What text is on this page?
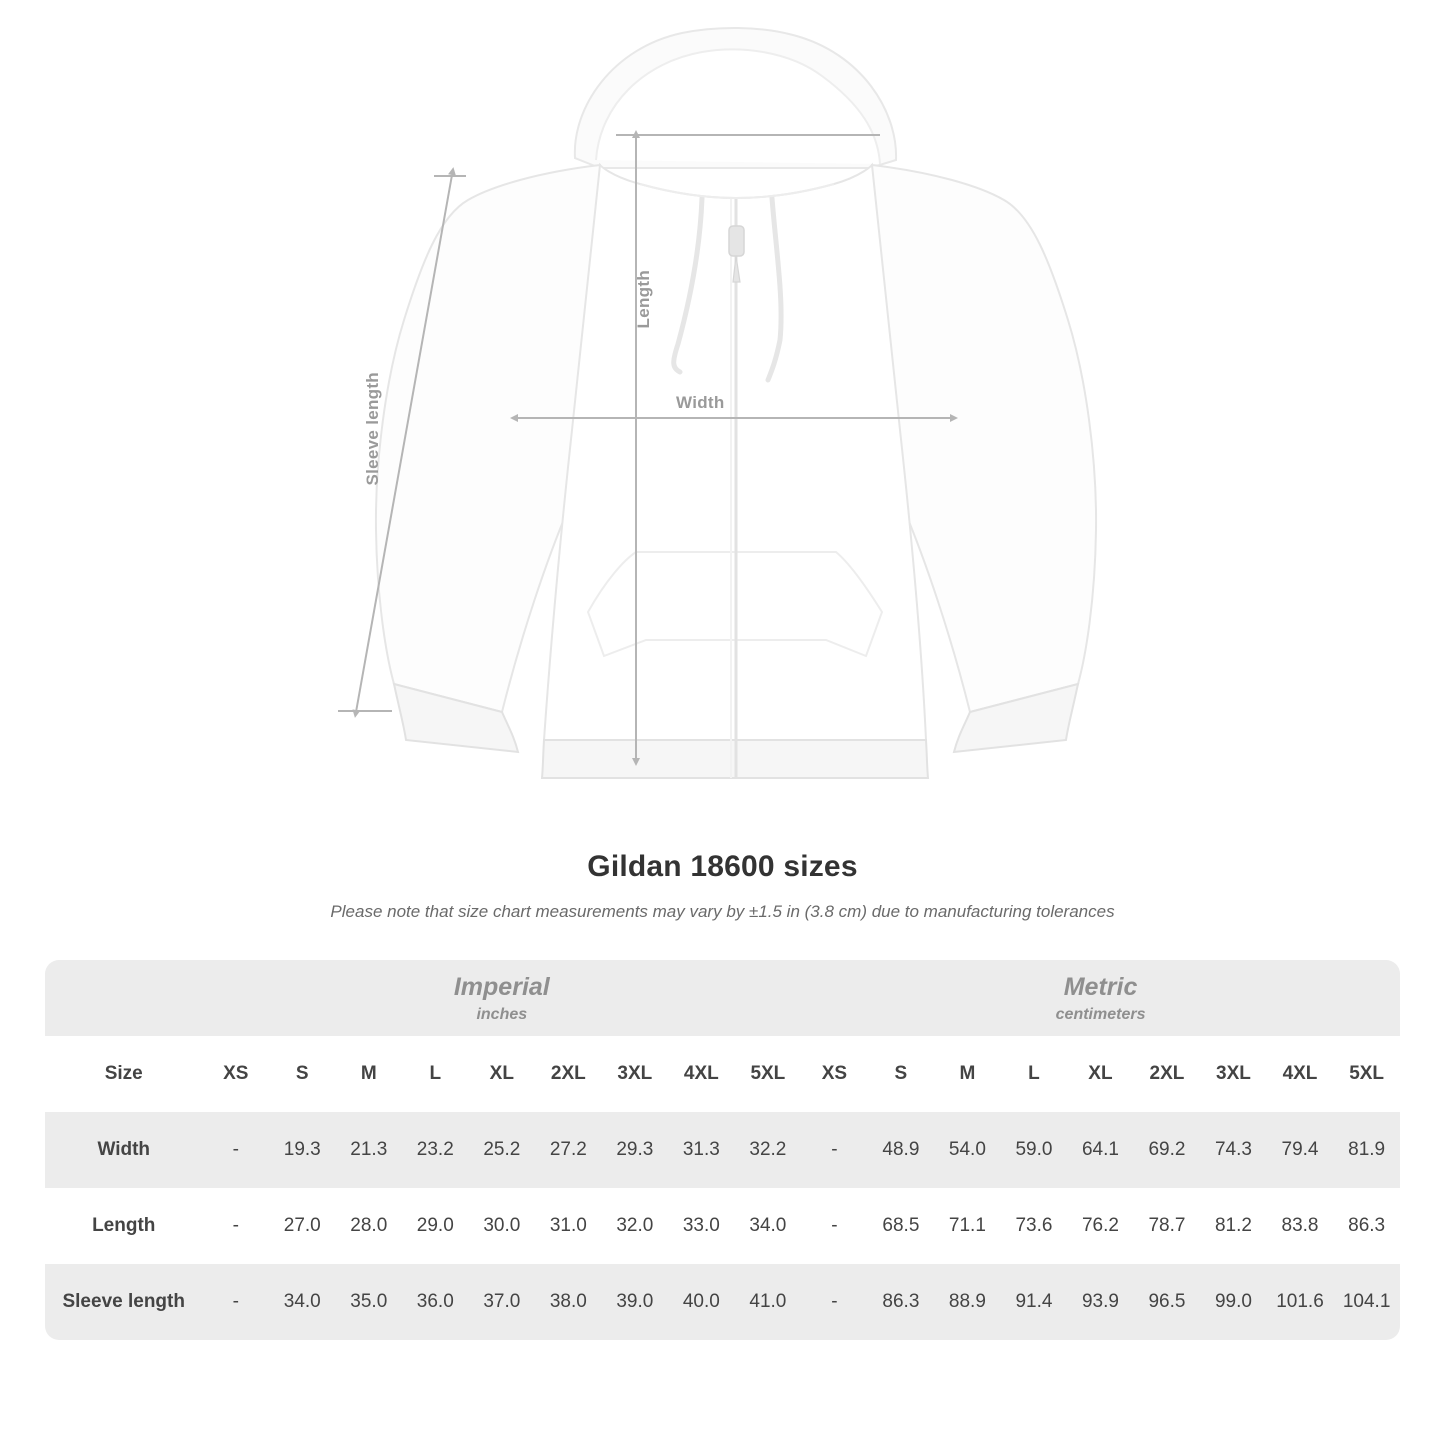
Width
Length
Sleeve length
Gildan 18600 sizes

Please note that size chart measurements may vary by ±1.5 in (3.8 cm) due to manufacturing tolerances

	Imperial
inches									Metric
centimeters								

Size	XS	S	M	L	XL	2XL	3XL	4XL	5XL	XS	S	M	L	XL	2XL	3XL	4XL	5XL
Width	-	19.3	21.3	23.2	25.2	27.2	29.3	31.3	32.2	-	48.9	54.0	59.0	64.1	69.2	74.3	79.4	81.9
Length	-	27.0	28.0	29.0	30.0	31.0	32.0	33.0	34.0	-	68.5	71.1	73.6	76.2	78.7	81.2	83.8	86.3
Sleeve length	-	34.0	35.0	36.0	37.0	38.0	39.0	40.0	41.0	-	86.3	88.9	91.4	93.9	96.5	99.0	101.6	104.1
